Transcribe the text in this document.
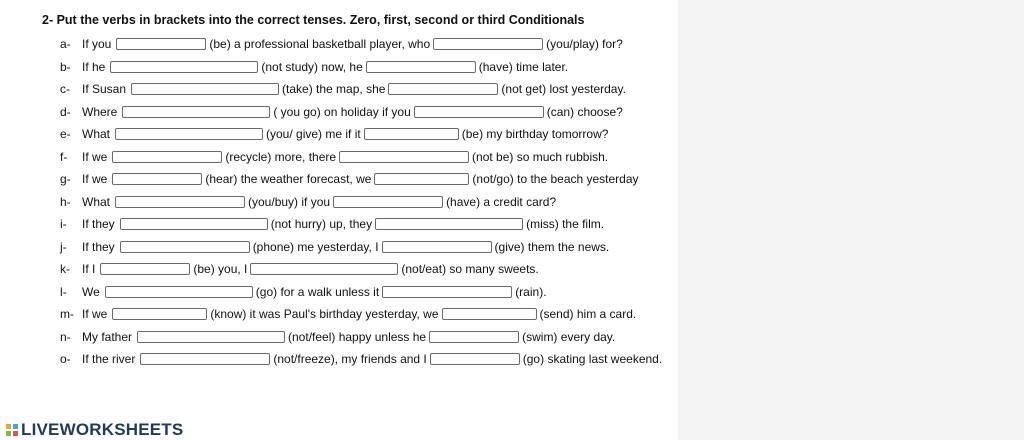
2- Put the verbs in brackets into the correct tenses. Zero, first, second or third Conditionals
a- If you	(be) a professional basketball player, who	(you/play) for?
b- If he	(not study) now, he	(have) time later.
c-	If Susan	(take) the map, she	(not get) lost yesterday.
d- Where	( you go) on holiday if you	(can) choose?
e- What	(you/ give) me if it	(be) my birthday tomorrow?
f-	If we	(recycle) more, there	(not be) so much rubbish.
g- If we	(hear) the weather forecast, we	(not/go) to the beach yesterday
h- What	(you/buy) if you	(have) a credit card?
i-	If they	(not hurry) up, they	(miss) the film.
j-	If they	(phone) me yesterday, I	(give) them the news.
k-	If I	(be) you, I	(not/eat) so many sweets.
l-	We	(go) for a walk unless it	(rain).
m- If we	(know) it was Paul's birthday yesterday, we	(send) him a card.
n- My father	(not/feel) happy unless he	(swim) every day.
o- If the river	(not/freeze), my friends and I	(go) skating last weekend.
LIVEWORKSHEETS
